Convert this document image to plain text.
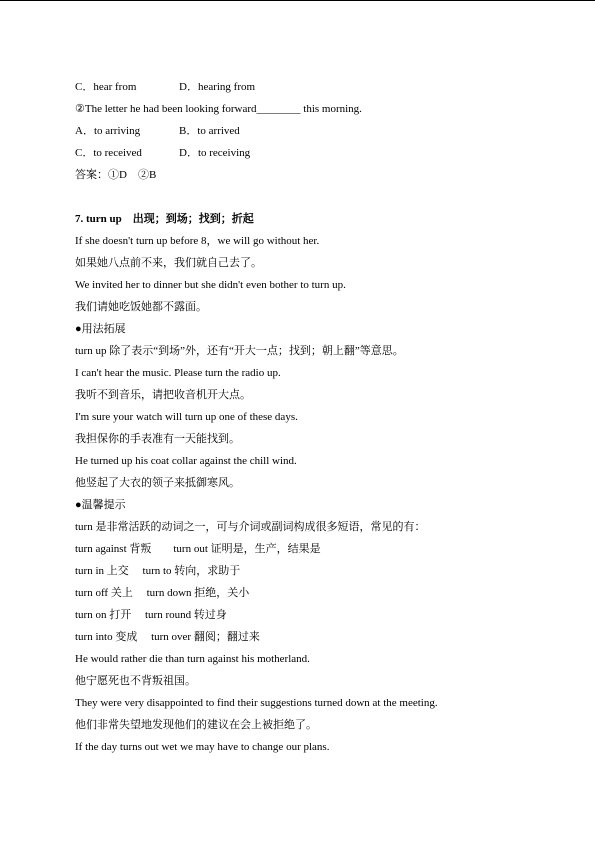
C．hear from	D．hearing from
②The letter he had been looking forward________ this morning.
A．to arriving	B．to arrived
C．to received	D．to receiving
答案：①D　②B
7. turn up　出现；到场；找到；折起
If she doesn't turn up before 8，we will go without her.
如果她八点前不来，我们就自己去了。
We invited her to dinner but she didn't even bother to turn up.
我们请她吃饭她都不露面。
●用法拓展
turn up 除了表示“到场”外，还有“开大一点；找到；朝上翻”等意思。
I can't hear the music. Please turn the radio up.
我听不到音乐，请把收音机开大点。
I'm sure your watch will turn up one of these days.
我担保你的手表准有一天能找到。
He turned up his coat collar against the chill wind.
他竖起了大衣的领子来抵御寒风。
●温馨提示
turn 是非常活跃的动词之一，可与介词或副词构成很多短语，常见的有：
turn against 背叛　　turn out 证明是，生产，结果是
turn in 上交　 turn to 转向，求助于
turn off 关上　 turn down 拒绝，关小
turn on 打开　 turn round 转过身
turn into 变成　 turn over 翻阅；翻过来
He would rather die than turn against his motherland.
他宁愿死也不背叛祖国。
They were very disappointed to find their suggestions turned down at the meeting.
他们非常失望地发现他们的建议在会上被拒绝了。
If the day turns out wet we may have to change our plans.
